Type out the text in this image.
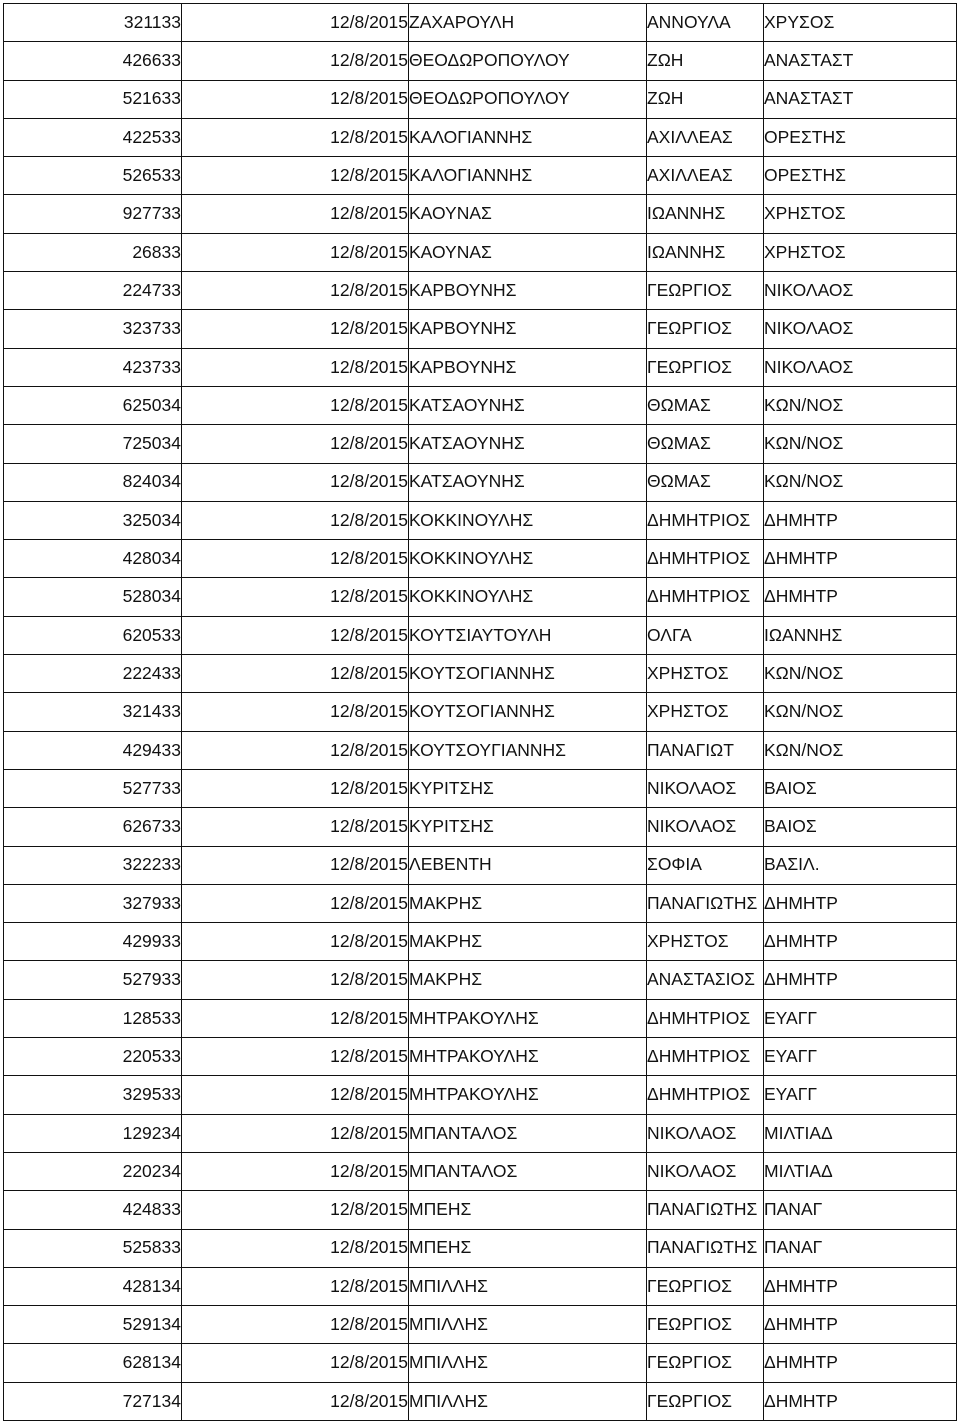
321133	12/8/2015	ΖΑΧΑΡΟΥΛΗ	ΑΝΝΟΥΛΑ	ΧΡΥΣΟΣ
426633	12/8/2015	ΘΕΟΔΩΡΟΠΟΥΛΟΥ	ΖΩΗ	ΑΝΑΣΤΑΣΤ
521633	12/8/2015	ΘΕΟΔΩΡΟΠΟΥΛΟΥ	ΖΩΗ	ΑΝΑΣΤΑΣΤ
422533	12/8/2015	ΚΑΛΟΓΙΑΝΝΗΣ	ΑΧΙΛΛΕΑΣ	ΟΡΕΣΤΗΣ
526533	12/8/2015	ΚΑΛΟΓΙΑΝΝΗΣ	ΑΧΙΛΛΕΑΣ	ΟΡΕΣΤΗΣ
927733	12/8/2015	ΚΑΟΥΝΑΣ	ΙΩΑΝΝΗΣ	ΧΡΗΣΤΟΣ
26833	12/8/2015	ΚΑΟΥΝΑΣ	ΙΩΑΝΝΗΣ	ΧΡΗΣΤΟΣ
224733	12/8/2015	ΚΑΡΒΟΥΝΗΣ	ΓΕΩΡΓΙΟΣ	ΝΙΚΟΛΑΟΣ
323733	12/8/2015	ΚΑΡΒΟΥΝΗΣ	ΓΕΩΡΓΙΟΣ	ΝΙΚΟΛΑΟΣ
423733	12/8/2015	ΚΑΡΒΟΥΝΗΣ	ΓΕΩΡΓΙΟΣ	ΝΙΚΟΛΑΟΣ
625034	12/8/2015	ΚΑΤΣΑΟΥΝΗΣ	ΘΩΜΑΣ	ΚΩΝ/ΝΟΣ
725034	12/8/2015	ΚΑΤΣΑΟΥΝΗΣ	ΘΩΜΑΣ	ΚΩΝ/ΝΟΣ
824034	12/8/2015	ΚΑΤΣΑΟΥΝΗΣ	ΘΩΜΑΣ	ΚΩΝ/ΝΟΣ
325034	12/8/2015	ΚΟΚΚΙΝΟΥΛΗΣ	ΔΗΜΗΤΡΙΟΣ	ΔΗΜΗΤΡ
428034	12/8/2015	ΚΟΚΚΙΝΟΥΛΗΣ	ΔΗΜΗΤΡΙΟΣ	ΔΗΜΗΤΡ
528034	12/8/2015	ΚΟΚΚΙΝΟΥΛΗΣ	ΔΗΜΗΤΡΙΟΣ	ΔΗΜΗΤΡ
620533	12/8/2015	ΚΟΥΤΣΙΑΥΤΟΥΛΗ	ΟΛΓΑ	ΙΩΑΝΝΗΣ
222433	12/8/2015	ΚΟΥΤΣΟΓΙΑΝΝΗΣ	ΧΡΗΣΤΟΣ	ΚΩΝ/ΝΟΣ
321433	12/8/2015	ΚΟΥΤΣΟΓΙΑΝΝΗΣ	ΧΡΗΣΤΟΣ	ΚΩΝ/ΝΟΣ
429433	12/8/2015	ΚΟΥΤΣΟΥΓΙΑΝΝΗΣ	ΠΑΝΑΓΙΩΤ	ΚΩΝ/ΝΟΣ
527733	12/8/2015	ΚΥΡΙΤΣΗΣ	ΝΙΚΟΛΑΟΣ	ΒΑΙΟΣ
626733	12/8/2015	ΚΥΡΙΤΣΗΣ	ΝΙΚΟΛΑΟΣ	ΒΑΙΟΣ
322233	12/8/2015	ΛΕΒΕΝΤΗ	ΣΟΦΙΑ	ΒΑΣΙΛ.
327933	12/8/2015	ΜΑΚΡΗΣ	ΠΑΝΑΓΙΩΤΗΣ	ΔΗΜΗΤΡ
429933	12/8/2015	ΜΑΚΡΗΣ	ΧΡΗΣΤΟΣ	ΔΗΜΗΤΡ
527933	12/8/2015	ΜΑΚΡΗΣ	ΑΝΑΣΤΑΣΙΟΣ	ΔΗΜΗΤΡ
128533	12/8/2015	ΜΗΤΡΑΚΟΥΛΗΣ	ΔΗΜΗΤΡΙΟΣ	ΕΥΑΓΓ
220533	12/8/2015	ΜΗΤΡΑΚΟΥΛΗΣ	ΔΗΜΗΤΡΙΟΣ	ΕΥΑΓΓ
329533	12/8/2015	ΜΗΤΡΑΚΟΥΛΗΣ	ΔΗΜΗΤΡΙΟΣ	ΕΥΑΓΓ
129234	12/8/2015	ΜΠΑΝΤΑΛΟΣ	ΝΙΚΟΛΑΟΣ	ΜΙΛΤΙΑΔ
220234	12/8/2015	ΜΠΑΝΤΑΛΟΣ	ΝΙΚΟΛΑΟΣ	ΜΙΛΤΙΑΔ
424833	12/8/2015	ΜΠΕΗΣ	ΠΑΝΑΓΙΩΤΗΣ	ΠΑΝΑΓ
525833	12/8/2015	ΜΠΕΗΣ	ΠΑΝΑΓΙΩΤΗΣ	ΠΑΝΑΓ
428134	12/8/2015	ΜΠΙΛΛΗΣ	ΓΕΩΡΓΙΟΣ	ΔΗΜΗΤΡ
529134	12/8/2015	ΜΠΙΛΛΗΣ	ΓΕΩΡΓΙΟΣ	ΔΗΜΗΤΡ
628134	12/8/2015	ΜΠΙΛΛΗΣ	ΓΕΩΡΓΙΟΣ	ΔΗΜΗΤΡ
727134	12/8/2015	ΜΠΙΛΛΗΣ	ΓΕΩΡΓΙΟΣ	ΔΗΜΗΤΡ
